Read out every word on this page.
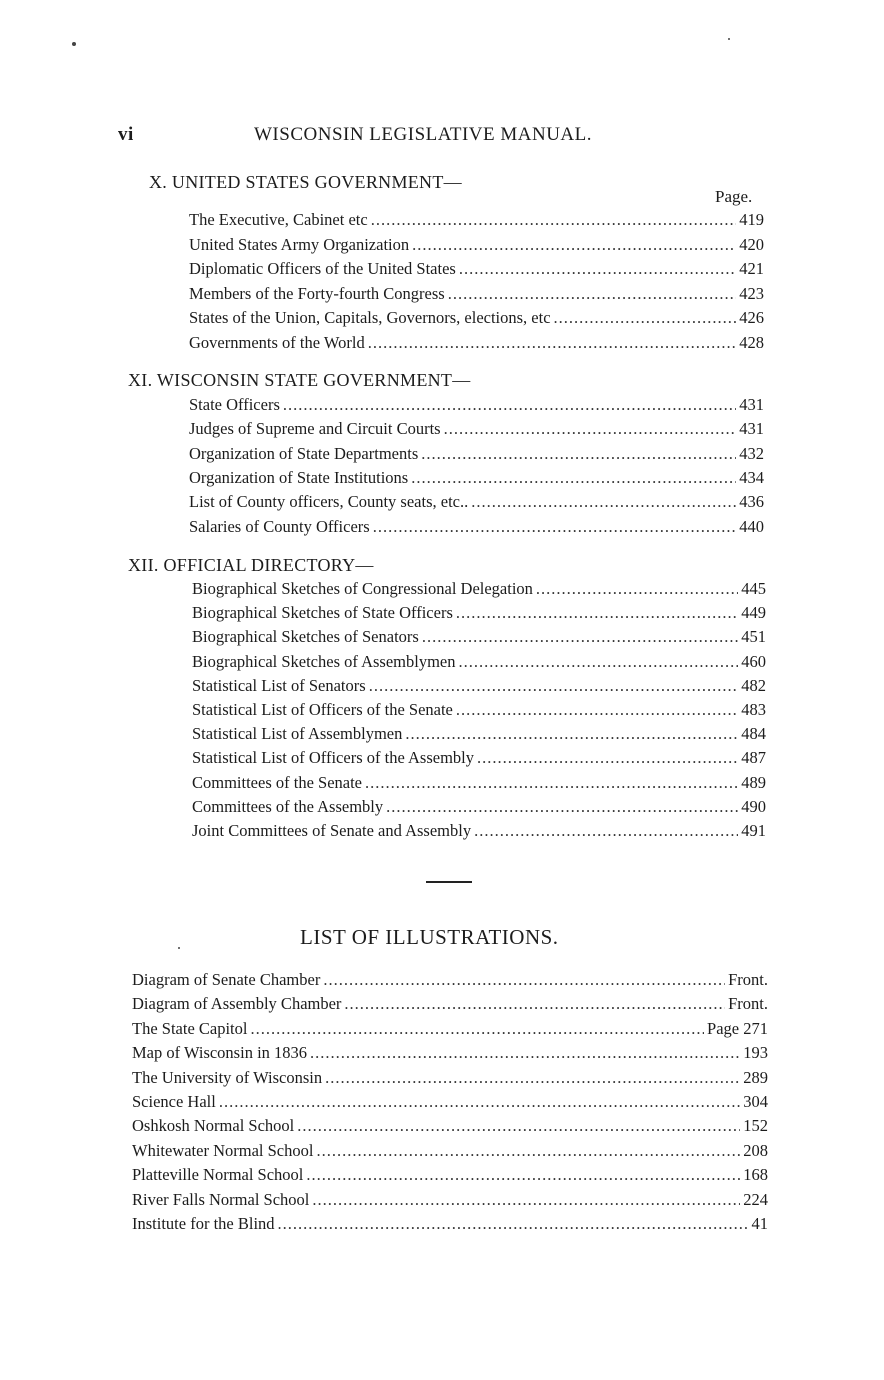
vi	WISCONSIN LEGISLATIVE MANUAL.
X. UNITED STATES GOVERNMENT—
Page.
The Executive, Cabinet etc .....	419
United States Army Organization .....	420
Diplomatic Officers of the United States .....	421
Members of the Forty-fourth Congress .....	423
States of the Union, Capitals, Governors, elections, etc .....	426
Governments of the World .....	428
XI. WISCONSIN STATE GOVERNMENT—
State Officers .....	431
Judges of Supreme and Circuit Courts .....	431
Organization of State Departments .....	432
Organization of State Institutions .....	434
List of County officers, County seats, etc.. .....	436
Salaries of County Officers .....	440
XII. OFFICIAL DIRECTORY—
Biographical Sketches of Congressional Delegation .....	445
Biographical Sketches of State Officers .....	449
Biographical Sketches of Senators .....	451
Biographical Sketches of Assemblymen .....	460
Statistical List of Senators .....	482
Statistical List of Officers of the Senate .....	483
Statistical List of Assemblymen .....	484
Statistical List of Officers of the Assembly .....	487
Committees of the Senate .....	489
Committees of the Assembly .....	490
Joint Committees of Senate and Assembly .....	491
LIST OF ILLUSTRATIONS.
Diagram of Senate Chamber .....	Front.
Diagram of Assembly Chamber .....	Front.
The State Capitol .....	Page 271
Map of Wisconsin in 1836 .....	193
The University of Wisconsin .....	289
Science Hall .....	304
Oshkosh Normal School .....	152
Whitewater Normal School .....	208
Platteville Normal School .....	168
River Falls Normal School .....	224
Institute for the Blind .....	41
